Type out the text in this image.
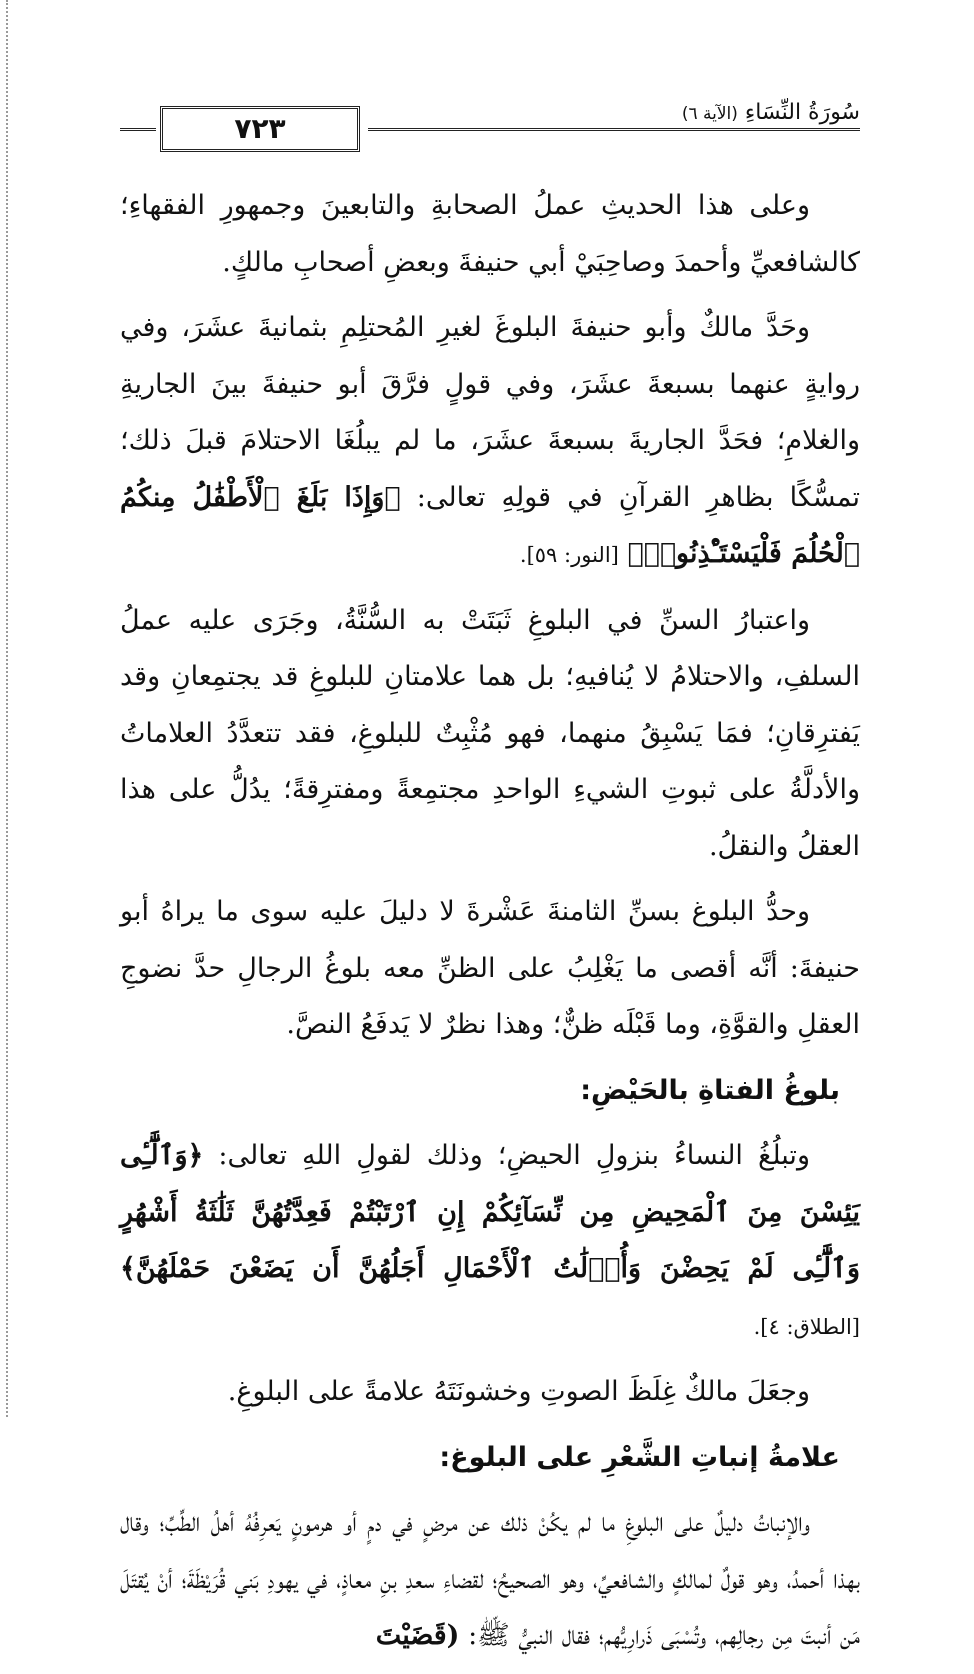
٧٢٣	سُورَةُ النِّسَاءِ (الآية ٦)

وعلى هذا الحديثِ عملُ الصحابةِ والتابعينَ وجمهورِ الفقهاءِ؛ كالشافعيِّ وأحمدَ وصاحِبَيْ أبي حنيفةَ وبعضِ أصحابِ مالكٍ.

وحَدَّ مالكٌ وأبو حنيفةَ البلوغَ لغيرِ المُحتلِمِ بثمانيةَ عشَرَ، وفي روايةٍ عنهما بسبعةَ عشَرَ، وفي قولٍ فرَّقَ أبو حنيفةَ بينَ الجاريةِ والغلامِ؛ فحَدَّ الجاريةَ بسبعةَ عشَرَ، ما لم يبلُغَا الاحتلامَ قبلَ ذلك؛ تمسُّكًا بظاهرِ القرآنِ في قولِهِ تعالى: ﴿وَإِذَا بَلَغَ ٱلْأَطْفَٰلُ مِنكُمُ ٱلْحُلُمَ فَلْيَسْتَـْٔذِنُوا۟﴾ [النور: ٥٩].

واعتبارُ السنِّ في البلوغِ ثَبَتَتْ به السُّنَّةُ، وجَرَى عليه عملُ السلفِ، والاحتلامُ لا يُنافيهِ؛ بل هما علامتانِ للبلوغِ قد يجتمِعانِ وقد يَفترِقانِ؛ فمَا يَسْبِقُ منهما، فهو مُثْبِتٌ للبلوغِ، فقد تتعدَّدُ العلاماتُ والأدلَّةُ على ثبوتِ الشيءِ الواحدِ مجتمِعةً ومفترِقةً؛ يدُلُّ على هذا العقلُ والنقلُ.

وحدُّ البلوغ بسنِّ الثامنةَ عَشْرةَ لا دليلَ عليه سوى ما يراهُ أبو حنيفةَ: أنَّه أقصى ما يَغْلِبُ على الظنِّ معه بلوغُ الرجالِ حدَّ نضوجِ العقلِ والقوَّةِ، وما قَبْلَه ظنٌّ؛ وهذا نظرٌ لا يَدفَعُ النصَّ.

بلوغُ الفتاةِ بالحَيْضِ:

وتبلُغُ النساءُ بنزولِ الحيضِ؛ وذلك لقولِ اللهِ تعالى: ﴿وَٱلَّٰٓـِٔى يَئِسْنَ مِنَ ٱلْمَحِيضِ مِن نِّسَآئِكُمْ إِنِ ٱرْتَبْتُمْ فَعِدَّتُهُنَّ ثَلَٰثَةُ أَشْهُرٍ وَٱلَّٰٓـِٔى لَمْ يَحِضْنَ وَأُو۟لَٰتُ ٱلْأَحْمَالِ أَجَلُهُنَّ أَن يَضَعْنَ حَمْلَهُنَّ﴾ [الطلاق: ٤].

وجعَلَ مالكٌ غِلَظَ الصوتِ وخشونَتَهُ علامةً على البلوغِ.

علامةُ إنباتِ الشَّعْرِ على البلوغ:

والإنباتُ دليلٌ على البلوغِ ما لم يكُنْ ذلك عن مرضٍ في دمٍ أو هرمونٍ يَعرِفُهُ أهلُ الطِّبِّ؛ وقال بهذا أحمدُ، وهو قولٌ لمالكٍ والشافعيِّ، وهو الصحيحُ؛ لقضاءِ سعدِ بنِ معاذٍ، في يهودِ بَني قُرَيْظَةَ؛ أنْ يُقتَلَ مَن أنبتَ مِن رجالِهم، وتُسْبَى ذَرارِيُّهم؛ فقال النبيُّ ﷺ: (قَضَيْتَ
